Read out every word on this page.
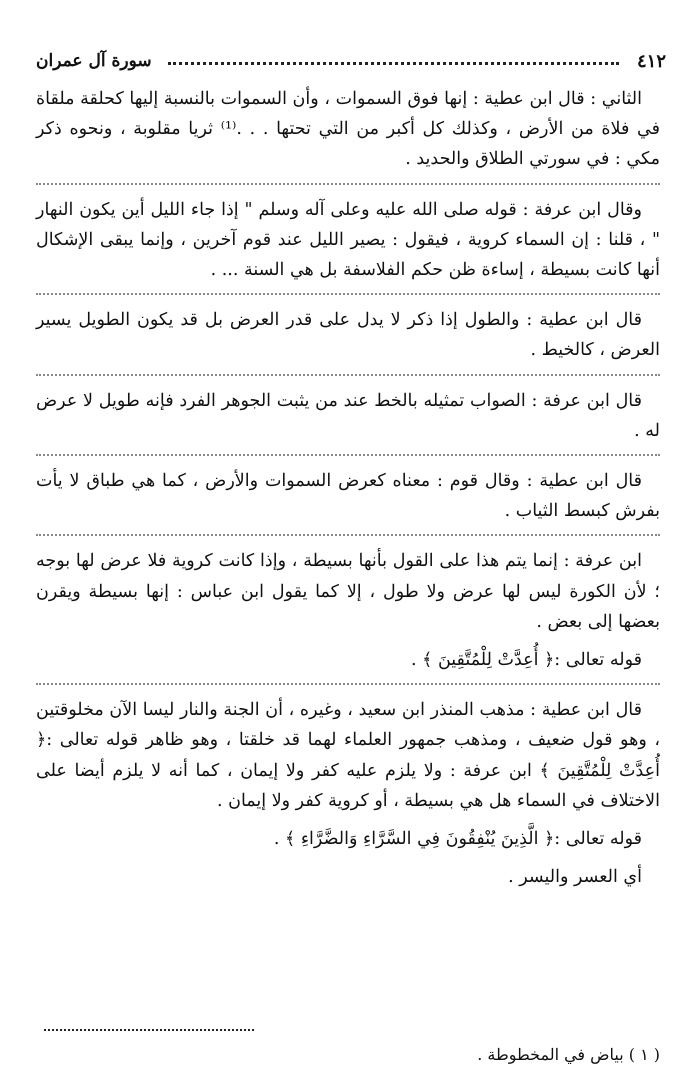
٤١٢
سورة آل عمران

الثاني : قال ابن عطية : إنها فوق السموات ، وأن السموات بالنسبة إليها كحلقة ملقاة في فلاة من الأرض ، وكذلك كل أكبر من التي تحتها . . .⁽¹⁾ ثريا مقلوبة ، ونحوه ذكر مكي : في سورتي الطلاق والحديد .

وقال ابن عرفة : قوله صلى الله عليه وعلى آله وسلم " إذا جاء الليل أين يكون النهار " ، قلنا : إن السماء كروية ، فيقول : يصير الليل عند قوم آخرين ، وإنما يبقى الإشكال أنها كانت بسيطة ، إساءة ظن حكم الفلاسفة بل هي السنة ... .

قال ابن عطية : والطول إذا ذكر لا يدل على قدر العرض بل قد يكون الطويل يسير العرض ، كالخيط .

قال ابن عرفة : الصواب تمثيله بالخط عند من يثبت الجوهر الفرد فإنه طويل لا عرض له .

قال ابن عطية : وقال قوم : معناه كعرض السموات والأرض ، كما هي طباق لا يأت بفرش كبسط الثياب .

ابن عرفة : إنما يتم هذا على القول بأنها بسيطة ، وإذا كانت كروية فلا عرض لها بوجه ؛ لأن الكورة ليس لها عرض ولا طول ، إلا كما يقول ابن عباس : إنها بسيطة ويقرن بعضها إلى بعض .

قوله تعالى :﴿ أُعِدَّتْ لِلْمُتَّقِينَ ﴾ .

قال ابن عطية : مذهب المنذر ابن سعيد ، وغيره ، أن الجنة والنار ليسا الآن مخلوقتين ، وهو قول ضعيف ، ومذهب جمهور العلماء لهما قد خلقتا ، وهو ظاهر قوله تعالى :﴿ أُعِدَّتْ لِلْمُتَّقِينَ ﴾ ابن عرفة : ولا يلزم عليه كفر ولا إيمان ، كما أنه لا يلزم أيضا على الاختلاف في السماء هل هي بسيطة ، أو كروية كفر ولا إيمان .

قوله تعالى :﴿ الَّذِينَ يُنْفِقُونَ فِي السَّرَّاءِ وَالضَّرَّاءِ ﴾ .

أي العسر واليسر .

( ١ ) بياض في المخطوطة .
